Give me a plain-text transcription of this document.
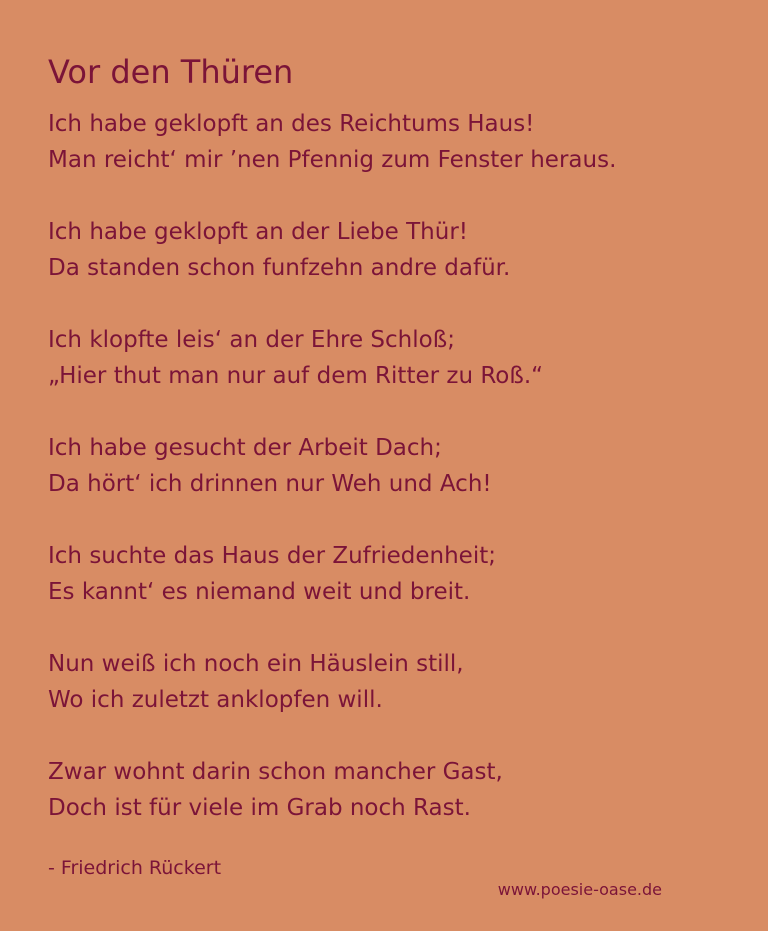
Vor den Thüren
Ich habe geklopft an des Reichtums Haus!
Man reicht‘ mir ’nen Pfennig zum Fenster heraus.
Ich habe geklopft an der Liebe Thür!
Da standen schon funfzehn andre dafür.
Ich klopfte leis‘ an der Ehre Schloß;
„Hier thut man nur auf dem Ritter zu Roß.“
Ich habe gesucht der Arbeit Dach;
Da hört‘ ich drinnen nur Weh und Ach!
Ich suchte das Haus der Zufriedenheit;
Es kannt‘ es niemand weit und breit.
Nun weiß ich noch ein Häuslein still,
Wo ich zuletzt anklopfen will.
Zwar wohnt darin schon mancher Gast,
Doch ist für viele im Grab noch Rast.
- Friedrich Rückert
www.poesie-oase.de
